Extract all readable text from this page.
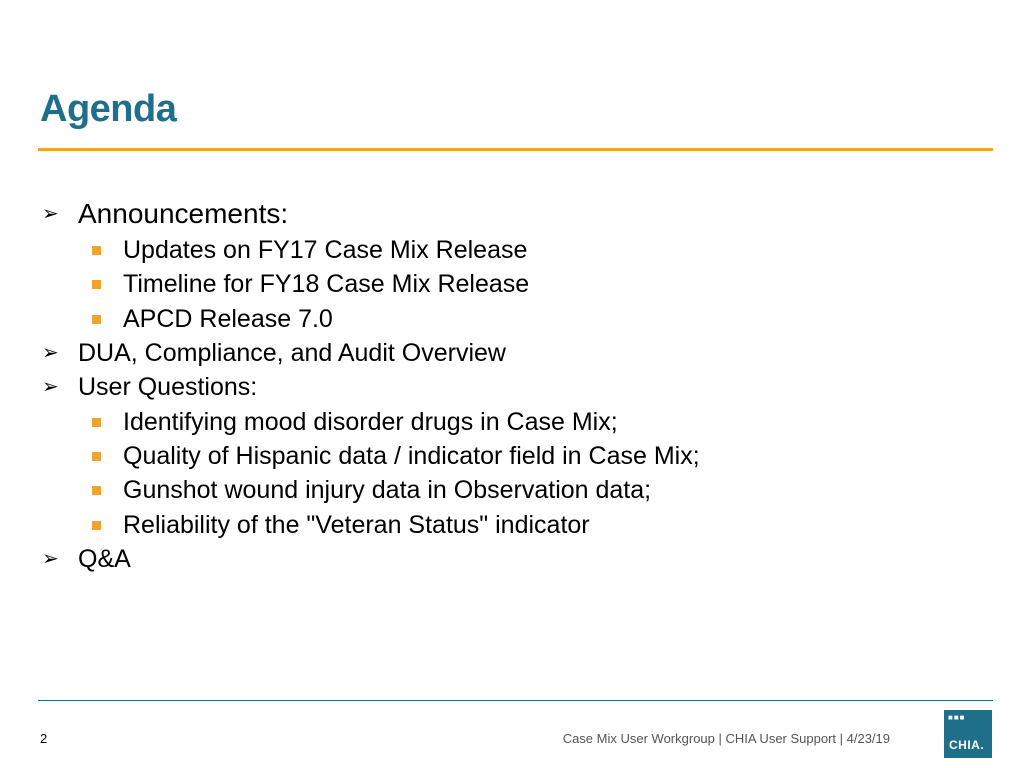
Agenda
➢ Announcements:
Updates on FY17 Case Mix Release
Timeline for FY18 Case Mix Release
APCD Release 7.0
➢ DUA, Compliance, and Audit Overview
➢ User Questions:
Identifying mood disorder drugs in Case Mix;
Quality of Hispanic data / indicator field in Case Mix;
Gunshot wound injury data in Observation data;
Reliability of the "Veteran Status" indicator
➢ Q&A
2	Case Mix User Workgroup | CHIA User Support | 4/23/19
■■■
CHIA.
